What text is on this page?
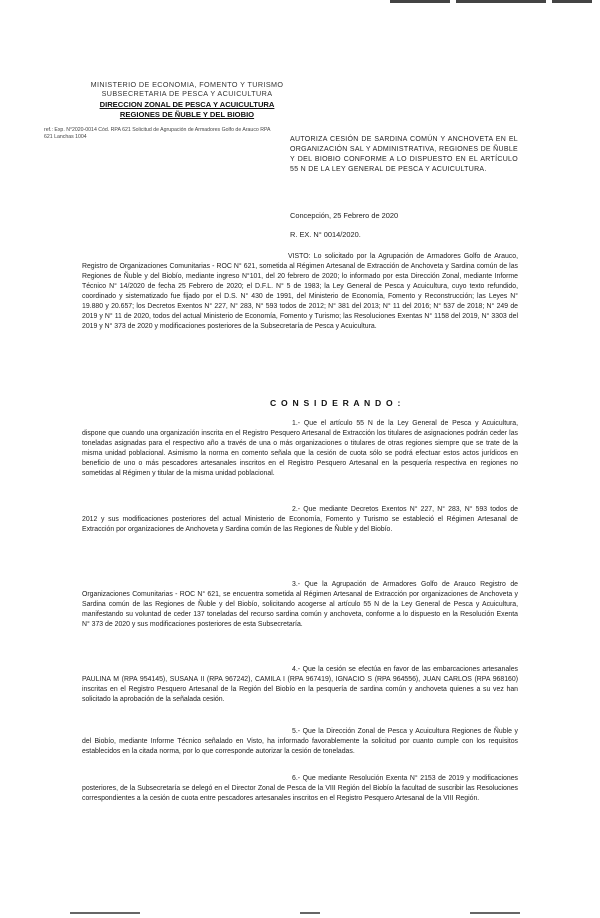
MINISTERIO DE ECONOMIA, FOMENTO Y TURISMO
SUBSECRETARIA DE PESCA Y ACUICULTURA
DIRECCION ZONAL DE PESCA Y ACUICULTURA
REGIONES DE ÑUBLE Y DEL BIOBIO
ref.: Exp. N°2020-0014 Cód. RPA 621 Solicitud de Agrupación de Armadores Golfo de Arauco RPA 621 Lanchas 1004	AUTORIZA CESIÓN DE SARDINA COMÚN Y ANCHOVETA EN EL ORGANIZACIÓN SAL Y ADMINISTRATIVA, REGIONES DE ÑUBLE Y DEL BIOBIO CONFORME A LO DISPUESTO EN EL ARTÍCULO 55 N DE LA LEY GENERAL DE PESCA Y ACUICULTURA.
Concepción, 25 Febrero de 2020
R. EX. N° 0014/2020.
VISTO: Lo solicitado por la Agrupación de Armadores Golfo de Arauco, Registro de Organizaciones Comunitarias - ROC N° 621, sometida al Régimen Artesanal de Extracción de Anchoveta y Sardina común de las Regiones de Ñuble y del Biobío, mediante ingreso N°101, del 20 febrero de 2020; lo informado por esta Dirección Zonal, mediante Informe Técnico N° 14/2020 de fecha 25 Febrero de 2020; el D.F.L. N° 5 de 1983; la Ley General de Pesca y Acuicultura, cuyo texto refundido, coordinado y sistematizado fue fijado por el D.S. N° 430 de 1991, del Ministerio de Economía, Fomento y Reconstrucción; las Leyes N° 19.880 y 20.657; los Decretos Exentos N° 227, N° 283, N° 593 todos de 2012; N° 381 del 2013; N° 11 del 2016; N° 537 de 2018; N° 249 de 2019 y N° 11 de 2020, todos del actual Ministerio de Economía, Fomento y Turismo; las Resoluciones Exentas N° 1158 del 2019, N° 3303 del 2019 y N° 373 de 2020 y modificaciones posteriores de la Subsecretaría de Pesca y Acuicultura.
C O N S I D E R A N D O :
1.- Que el artículo 55 N de la Ley General de Pesca y Acuicultura, dispone que cuando una organización inscrita en el Registro Pesquero Artesanal de Extracción los titulares de asignaciones podrán ceder las toneladas asignadas para el respectivo año a través de una o más organizaciones o titulares de otras regiones siempre que se trate de la misma unidad poblacional. Asimismo la norma en comento señala que la cesión de cuota sólo se podrá efectuar estos actos jurídicos en beneficio de uno o más pescadores artesanales inscritos en el Registro Pesquero Artesanal en la pesquería respectiva en regiones no sometidas al Régimen y titular de la misma unidad poblacional.
2.- Que mediante Decretos Exentos N° 227, N° 283, N° 593 todos de 2012 y sus modificaciones posteriores del actual Ministerio de Economía, Fomento y Turismo se estableció el Régimen Artesanal de Extracción por organizaciones de Anchoveta y Sardina común de las Regiones de Ñuble y del Biobío.
3.- Que la Agrupación de Armadores Golfo de Arauco Registro de Organizaciones Comunitarias - ROC N° 621, se encuentra sometida al Régimen Artesanal de Extracción por organizaciones de Anchoveta y Sardina común de las Regiones de Ñuble y del Biobío, solicitando acogerse al artículo 55 N de la Ley General de Pesca y Acuicultura, manifestando su voluntad de ceder 137 toneladas del recurso sardina común y anchoveta, conforme a lo dispuesto en la Resolución Exenta N° 373 de 2020 y sus modificaciones posteriores de esta Subsecretaría.
4.- Que la cesión se efectúa en favor de las embarcaciones artesanales PAULINA M (RPA 954145), SUSANA II (RPA 967242), CAMILA I (RPA 967419), IGNACIO S (RPA 964556), JUAN CARLOS (RPA 968160) inscritas en el Registro Pesquero Artesanal de la Región del Biobío en la pesquería de sardina común y anchoveta quienes a su vez han solicitado la aprobación de la señalada cesión.
5.- Que la Dirección Zonal de Pesca y Acuicultura Regiones de Ñuble y del Biobío, mediante Informe Técnico señalado en Visto, ha informado favorablemente la solicitud por cuanto cumple con los requisitos establecidos en la citada norma, por lo que corresponde autorizar la cesión de toneladas.
6.- Que mediante Resolución Exenta N° 2153 de 2019 y modificaciones posteriores, de la Subsecretaría se delegó en el Director Zonal de Pesca de la VIII Región del Biobío la facultad de suscribir las Resoluciones correspondientes a la cesión de cuota entre pescadores artesanales inscritos en el Registro Pesquero Artesanal de la VIII Región.
